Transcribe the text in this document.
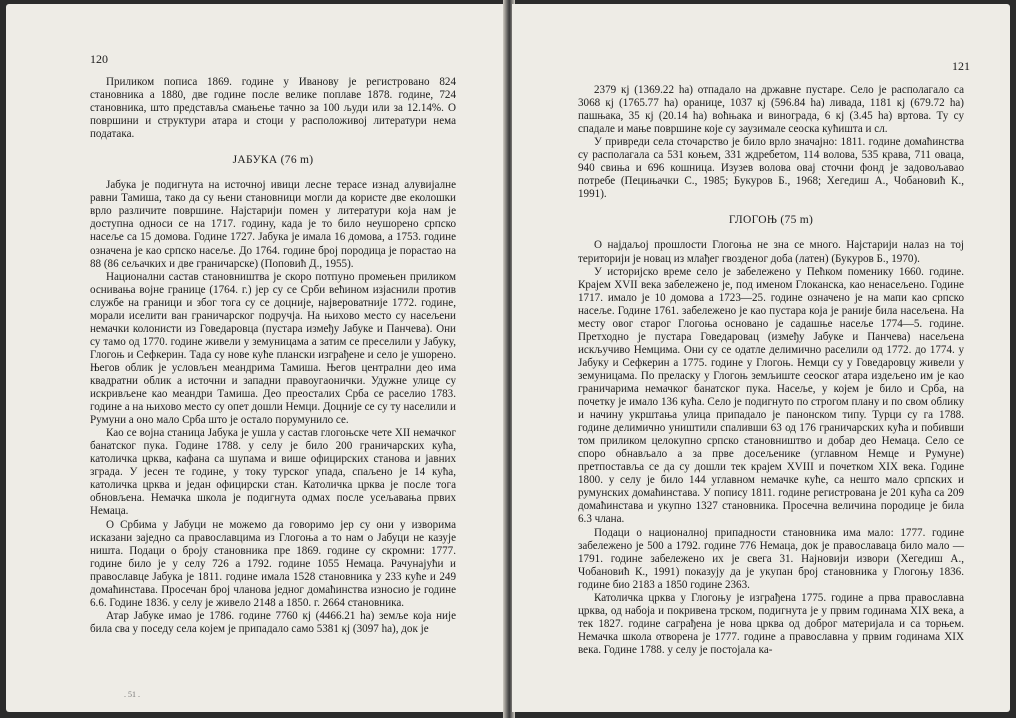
120

Приликом пописа 1869. године у Иванову је регистровано 824 становника а 1880, две године после велике поплаве 1878. године, 724 становника, што представља смањење тачно за 100 људи или за 12.14%. О површини и структури атара и стоци у расположивој литератури нема података.

ЈАБУКА (76 m)

Јабука је подигнута на источној ивици лесне терасе изнад алувијалне равни Тамиша, тако да су њени становници могли да користе две еколошки врло различите површине. Најстарији помен у литератури која нам је доступна односи се на 1717. годину, када је то било неушорено српско насеље са 15 домова. Године 1727. Јабука је имала 16 домова, а 1753. године означена је као српско насеље. До 1764. године број породица је порастао на 88 (86 сељачких и две граничарске) (Поповић Д., 1955).

Национални састав становништва је скоро потпуно промењен приликом оснивања војне границе (1764. г.) јер су се Срби већином изјаснили против службе на граници и због тога су се доцније, највероватније 1772. године, морали иселити ван граничарског подручја. На њихово место су насељени немачки колонисти из Говедаровца (пустара између Јабуке и Панчева). Они су тамо од 1770. године живели у земуницама а затим се преселили у Јабуку, Глогоњ и Сефкерин. Тада су нове куће плански изграђене и село је ушорено. Његов облик је условљен меандрима Тамиша. Његов централни део има квадратни облик а источни и западни правоугаонички. Удужне улице су искривљене као меандри Тамиша. Део преосталих Срба се раселио 1783. године а на њихово место су опет дошли Немци. Доцније се су ту населили и Румуни а оно мало Срба што је остало порумунило се.

Као се војна станица Јабука је ушла у састав глогоњске чете XII немачког банатског пука. Године 1788. у селу је било 200 граничарских кућа, католичка црква, кафана са шупама и више официрских станова и јавних зграда. У јесен те године, у току турског упада, спаљено је 14 кућа, католичка црква и један официрски стан. Католичка црква је после тога обновљена. Немачка школа је подигнута одмах после усељавања првих Немаца.

О Србима у Јабуци не можемо да говоримо јер су они у изворима исказани заједно са православцима из Глогоња а то нам о Јабуци не казује ништа. Подаци о броју становника пре 1869. године су скромни: 1777. године било је у селу 726 а 1792. године 1055 Немаца. Рачунајући и православце Јабука је 1811. године имала 1528 становника у 233 куће и 249 домаћинстава. Просечан број чланова једног домаћинства износио је године 6.6. Године 1836. у селу је живело 2148 а 1850. г. 2664 становника.

Атар Јабуке имао је 1786. године 7760 кј (4466.21 ha) земље која није била сва у поседу села којем је припадало само 5381 кј (3097 ha), док је

. 51 .
121

2379 кј (1369.22 ha) отпадало на државне пустаре. Село је располагало са 3068 кј (1765.77 ha) оранице, 1037 кј (596.84 ha) ливада, 1181 кј (679.72 ha) пашњака, 35 кј (20.14 ha) воћњака и винограда, 6 кј (3.45 ha) вртова. Ту су спадале и мање површине које су заузимале сеоска кућишта и сл.

У привреди села сточарство је било врло значајно: 1811. године домаћинства су располагала са 531 коњем, 331 ждребетом, 114 волова, 535 крава, 711 оваца, 940 свиња и 696 кошница. Изузев волова овај сточни фонд је задовољавао потребе (Пецињачки С., 1985; Букуров Б., 1968; Хегедиш А., Чобановић К., 1991).

ГЛОГОЊ (75 m)

О најдаљој прошлости Глогоња не зна се много. Најстарији налаз на тој територији је новац из млађег гвозденог доба (латен) (Букуров Б., 1970).

У историјско време село је забележено у Пећком поменику 1660. године. Крајем XVII века забележено је, под именом Глоканска, као ненасељено. Године 1717. имало је 10 домова а 1723—25. године означено је на мапи као српско насеље. Године 1761. забележено је као пустара која је раније била насељена. На месту овог старог Глогоња основано је садашње насеље 1774—5. године. Претходно је пустара Говедаровац (између Јабуке и Панчева) насељена искључиво Немцима. Они су се одатле делимично раселили од 1772. до 1774. у Јабуку и Сефкерин а 1775. године у Глогоњ. Немци су у Говедаровцу живели у земуницама. По преласку у Глогоњ земљиште сеоског атара издељено им је као граничарима немачког банатског пука. Насеље, у којем је било и Срба, на почетку је имало 136 кућа. Село је подигнуто по строгом плану и по свом облику и начину укрштања улица припадало је панонском типу. Турци су га 1788. године делимично уништили спаливши 63 од 176 граничарских кућа и побивши том приликом целокупно српско становништво и добар део Немаца. Село се споро обнављало а за прве досељенике (углавном Немце и Румуне) претпостављa се да су дошли тек крајем XVIII и почетком XIX века. Године 1800. у селу је било 144 углавном немачке куће, са нешто мало српских и румунских домаћинстава. У попису 1811. године регистрована је 201 кућа са 209 домаћинстава и укупно 1327 становника. Просечна величина породице је била 6.3 члана.

Подаци о националној припадности становника има мало: 1777. године забележено је 500 а 1792. године 776 Немаца, док је православаца било мало — 1791. године забележено их је свега 31. Најновији извори (Хегедиш А., Чобановић К., 1991) показују да је укупан број становника у Глогоњу 1836. године био 2183 а 1850 године 2363.

Католичка црква у Глогоњу је изграђена 1775. године а прва православна црква, од набоја и покривена трском, подигнута је у првим годинама XIX века, а тек 1827. године саграђена је нова црква од доброг материјала и са торњем. Немачка школа отворена је 1777. године а православна у првим годинама XIX века. Године 1788. у селу је постојала ка-
